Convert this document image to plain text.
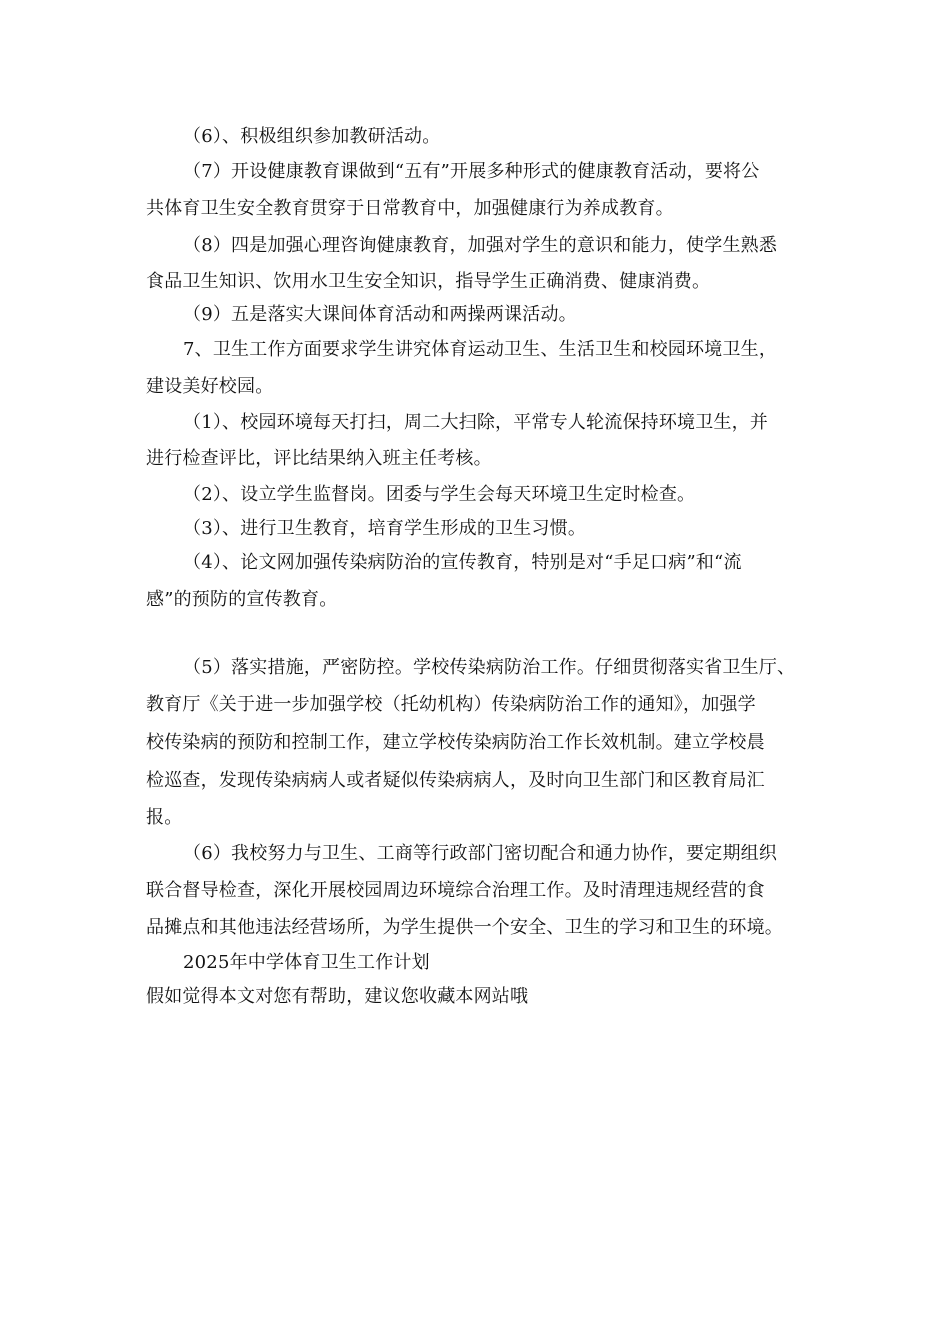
（6）、积极组织参加教研活动。
（7）开设健康教育课做到“五有”开展多种形式的健康教育活动，要将公
共体育卫生安全教育贯穿于日常教育中，加强健康行为养成教育。
（8）四是加强心理咨询健康教育，加强对学生的意识和能力，使学生熟悉
食品卫生知识、饮用水卫生安全知识，指导学生正确消费、健康消费。
（9）五是落实大课间体育活动和两操两课活动。
7、卫生工作方面要求学生讲究体育运动卫生、生活卫生和校园环境卫生，
建设美好校园。
（1）、校园环境每天打扫，周二大扫除，平常专人轮流保持环境卫生，并
进行检查评比，评比结果纳入班主任考核。
（2）、设立学生监督岗。团委与学生会每天环境卫生定时检查。
（3）、进行卫生教育，培育学生形成的卫生习惯。
（4）、论文网加强传染病防治的宣传教育，特别是对“手足口病”和“流
感”的预防的宣传教育。
（5）落实措施，严密防控。学校传染病防治工作。仔细贯彻落实省卫生厅、
教育厅《关于进一步加强学校（托幼机构）传染病防治工作的通知》，加强学
校传染病的预防和控制工作，建立学校传染病防治工作长效机制。建立学校晨
检巡查，发现传染病病人或者疑似传染病病人，及时向卫生部门和区教育局汇
报。
（6）我校努力与卫生、工商等行政部门密切配合和通力协作，要定期组织
联合督导检查，深化开展校园周边环境综合治理工作。及时清理违规经营的食
品摊点和其他违法经营场所，为学生提供一个安全、卫生的学习和卫生的环境。
2025年中学体育卫生工作计划
假如觉得本文对您有帮助，建议您收藏本网站哦
